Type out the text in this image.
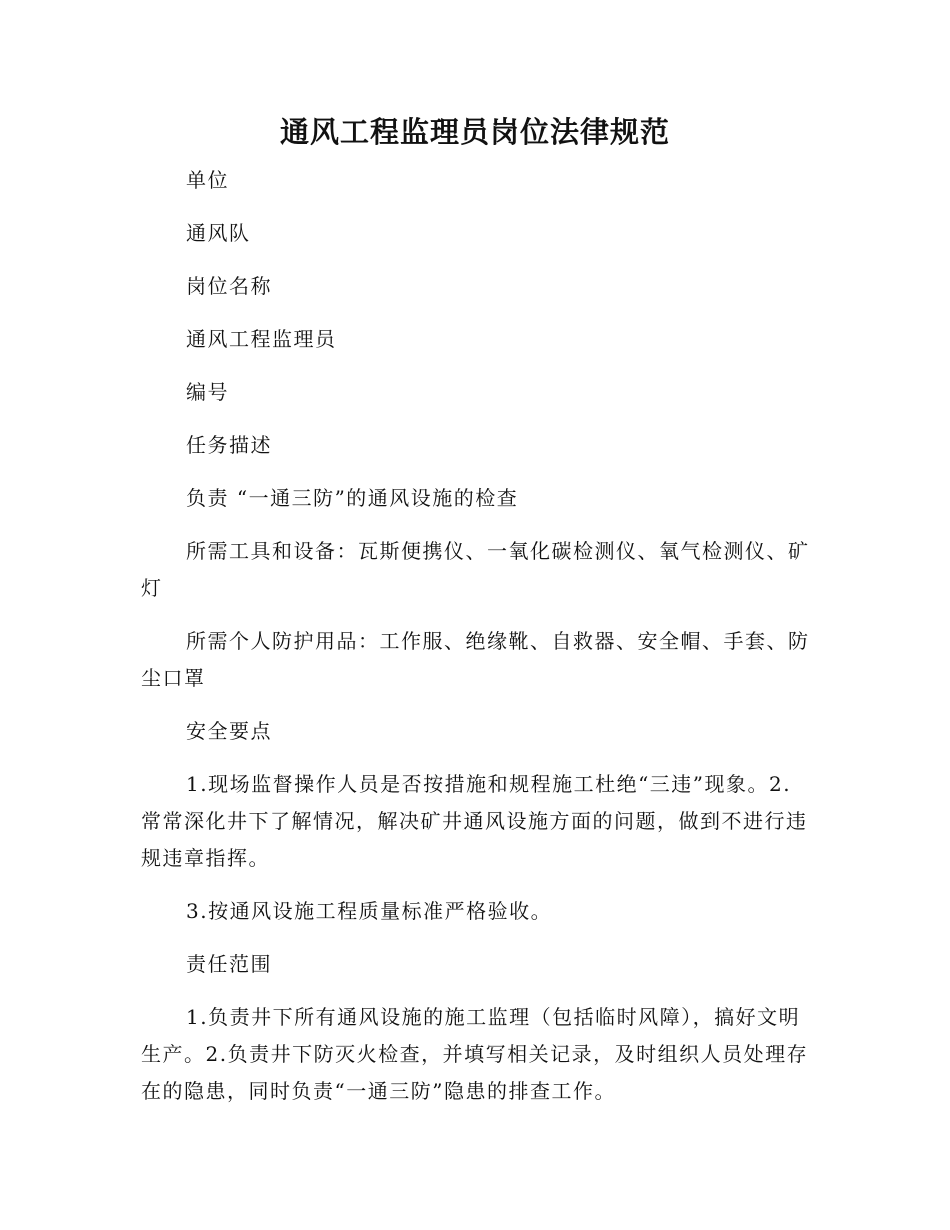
通风工程监理员岗位法律规范

单位

通风队

岗位名称

通风工程监理员

编号

任务描述

负责 “一通三防”的通风设施的检查

所需工具和设备：瓦斯便携仪、一氧化碳检测仪、氧气检测仪、矿灯

所需个人防护用品：工作服、绝缘靴、自救器、安全帽、手套、防尘口罩

安全要点

1.现场监督操作人员是否按措施和规程施工杜绝“三违”现象。2.常常深化井下了解情况，解决矿井通风设施方面的问题，做到不进行违规违章指挥。

3.按通风设施工程质量标准严格验收。

责任范围

1.负责井下所有通风设施的施工监理（包括临时风障），搞好文明生产。2.负责井下防灭火检查，并填写相关记录，及时组织人员处理存在的隐患，同时负责“一通三防”隐患的排查工作。
